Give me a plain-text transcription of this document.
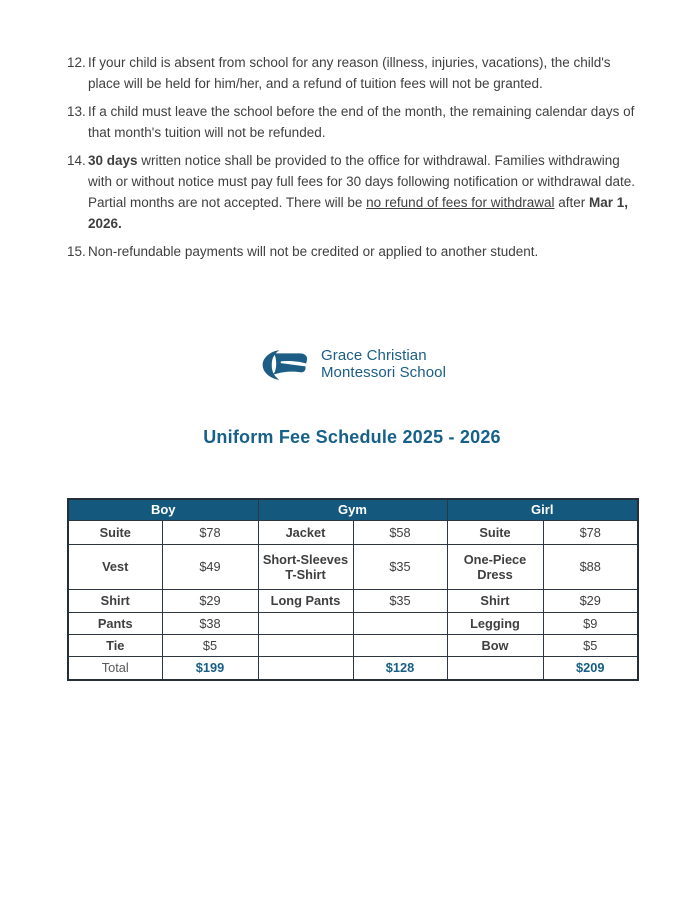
12. If your child is absent from school for any reason (illness, injuries, vacations), the child's place will be held for him/her, and a refund of tuition fees will not be granted.
13. If a child must leave the school before the end of the month, the remaining calendar days of that month's tuition will not be refunded.
14. 30 days written notice shall be provided to the office for withdrawal. Families withdrawing with or without notice must pay full fees for 30 days following notification or withdrawal date. Partial months are not accepted. There will be no refund of fees for withdrawal after Mar 1, 2026.
15. Non-refundable payments will not be credited or applied to another student.
Grace Christian
Montessori School
Uniform Fee Schedule 2025 - 2026
Boy		Gym		Girl	
Suite	$78	Jacket	$58	Suite	$78
Vest	$49	Short-Sleeves T-Shirt	$35	One-Piece Dress	$88
Shirt	$29	Long Pants	$35	Shirt	$29
Pants	$38			Legging	$9
Tie	$5			Bow	$5
Total	$199		$128		$209
